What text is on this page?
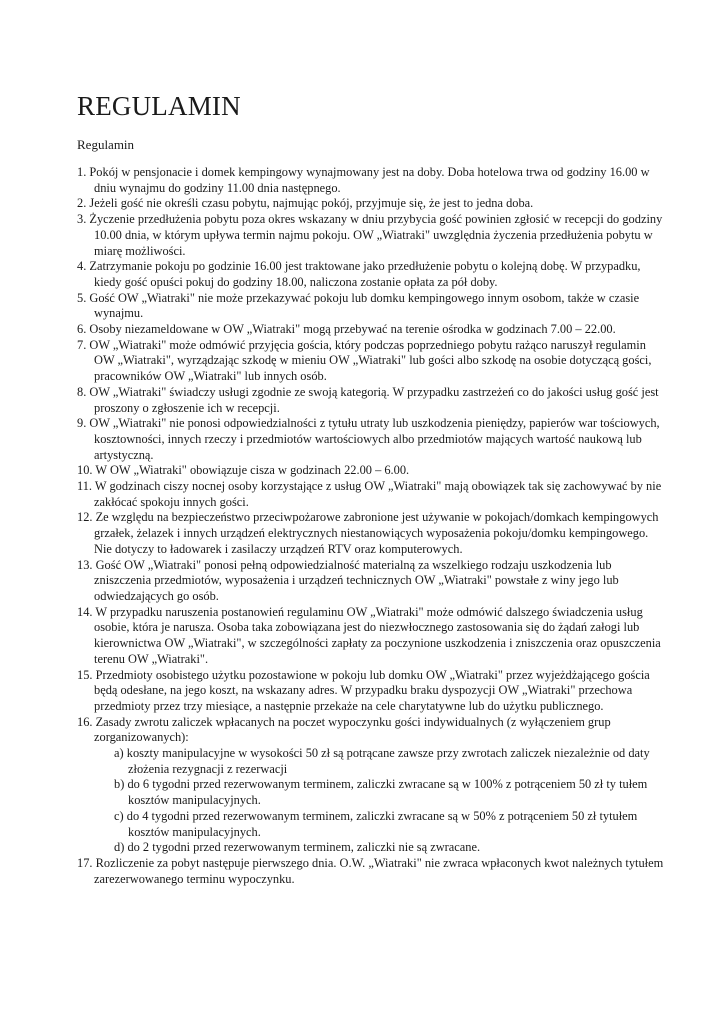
REGULAMIN
Regulamin
1. Pokój w pensjonacie i domek kempingowy wynajmowany jest na doby. Doba hotelowa trwa od godziny 16.00 w dniu wynajmu do godziny 11.00 dnia następnego.
2. Jeżeli gość nie określi czasu pobytu, najmując pokój, przyjmuje się, że jest to jedna doba.
3. Życzenie przedłużenia pobytu poza okres wskazany w dniu przybycia gość powinien zgłosić w recepcji do godziny 10.00 dnia, w którym upływa termin najmu pokoju. OW „Wiatraki" uwzględnia życzenia przedłużenia pobytu w miarę możliwości.
4. Zatrzymanie pokoju po godzinie 16.00 jest traktowane jako przedłużenie pobytu o kolejną dobę. W przypadku, kiedy gość opuści pokuj do godziny 18.00, naliczona zostanie opłata za pół doby.
5. Gość OW „Wiatraki" nie może przekazywać pokoju lub domku kempingowego innym osobom, także w czasie wynajmu.
6. Osoby niezameldowane w OW „Wiatraki" mogą przebywać na terenie ośrodka w godzinach 7.00 – 22.00.
7. OW „Wiatraki" może odmówić przyjęcia gościa, który podczas poprzedniego pobytu rażąco naruszył regulamin OW „Wiatraki", wyrządzając szkodę w mieniu OW „Wiatraki" lub gości albo szkodę na osobie dotyczącą gości, pracowników OW „Wiatraki" lub innych osób.
8. OW „Wiatraki" świadczy usługi zgodnie ze swoją kategorią. W przypadku zastrzeżeń co do jakości usług gość jest proszony o zgłoszenie ich w recepcji.
9. OW „Wiatraki" nie ponosi odpowiedzialności z tytułu utraty lub uszkodzenia pieniędzy, papierów war tościowych, kosztowności, innych rzeczy i przedmiotów wartościowych albo przedmiotów mających wartość naukową lub artystyczną.
10. W OW „Wiatraki" obowiązuje cisza w godzinach 22.00 – 6.00.
11. W godzinach ciszy nocnej osoby korzystające z usług OW „Wiatraki" mają obowiązek tak się zachowywać by nie zakłócać spokoju innych gości.
12. Ze względu na bezpieczeństwo przeciwpożarowe zabronione jest używanie w pokojach/domkach kempingowych grzałek, żelazek i innych urządzeń elektrycznych niestanowiących wyposażenia pokoju/domku kempingowego. Nie dotyczy to ładowarek i zasilaczy urządzeń RTV oraz komputerowych.
13. Gość OW „Wiatraki" ponosi pełną odpowiedzialność materialną za wszelkiego rodzaju uszkodzenia lub zniszczenia przedmiotów, wyposażenia i urządzeń technicznych OW „Wiatraki" powstałe z winy jego lub odwiedzających go osób.
14. W przypadku naruszenia postanowień regulaminu OW „Wiatraki" może odmówić dalszego świadczenia usług osobie, która je narusza. Osoba taka zobowiązana jest do niezwłocznego zastosowania się do żądań załogi lub kierownictwa OW „Wiatraki", w szczególności zapłaty za poczynione uszkodzenia i zniszczenia oraz opuszczenia terenu OW „Wiatraki".
15. Przedmioty osobistego użytku pozostawione w pokoju lub domku OW „Wiatraki" przez wyjeżdżającego gościa będą odesłane, na jego koszt, na wskazany adres. W przypadku braku dyspozycji OW „Wiatraki" przechowa przedmioty przez trzy miesiące, a następnie przekaże na cele charytatywne lub do użytku publicznego.
16. Zasady zwrotu zaliczek wpłacanych na poczet wypoczynku gości indywidualnych (z wyłączeniem grup zorganizowanych):
a) koszty manipulacyjne w wysokości 50 zł są potrącane zawsze przy zwrotach zaliczek niezależnie od daty złożenia rezygnacji z rezerwacji
b) do 6 tygodni przed rezerwowanym terminem, zaliczki zwracane są w 100% z potrąceniem 50 zł ty tułem kosztów manipulacyjnych.
c) do 4 tygodni przed rezerwowanym terminem, zaliczki zwracane są w 50% z potrąceniem 50 zł tytułem kosztów manipulacyjnych.
d) do 2 tygodni przed rezerwowanym terminem, zaliczki nie są zwracane.
17. Rozliczenie za pobyt następuje pierwszego dnia. O.W. „Wiatraki" nie zwraca wpłaconych kwot należnych tytułem zarezerwowanego terminu wypoczynku.
